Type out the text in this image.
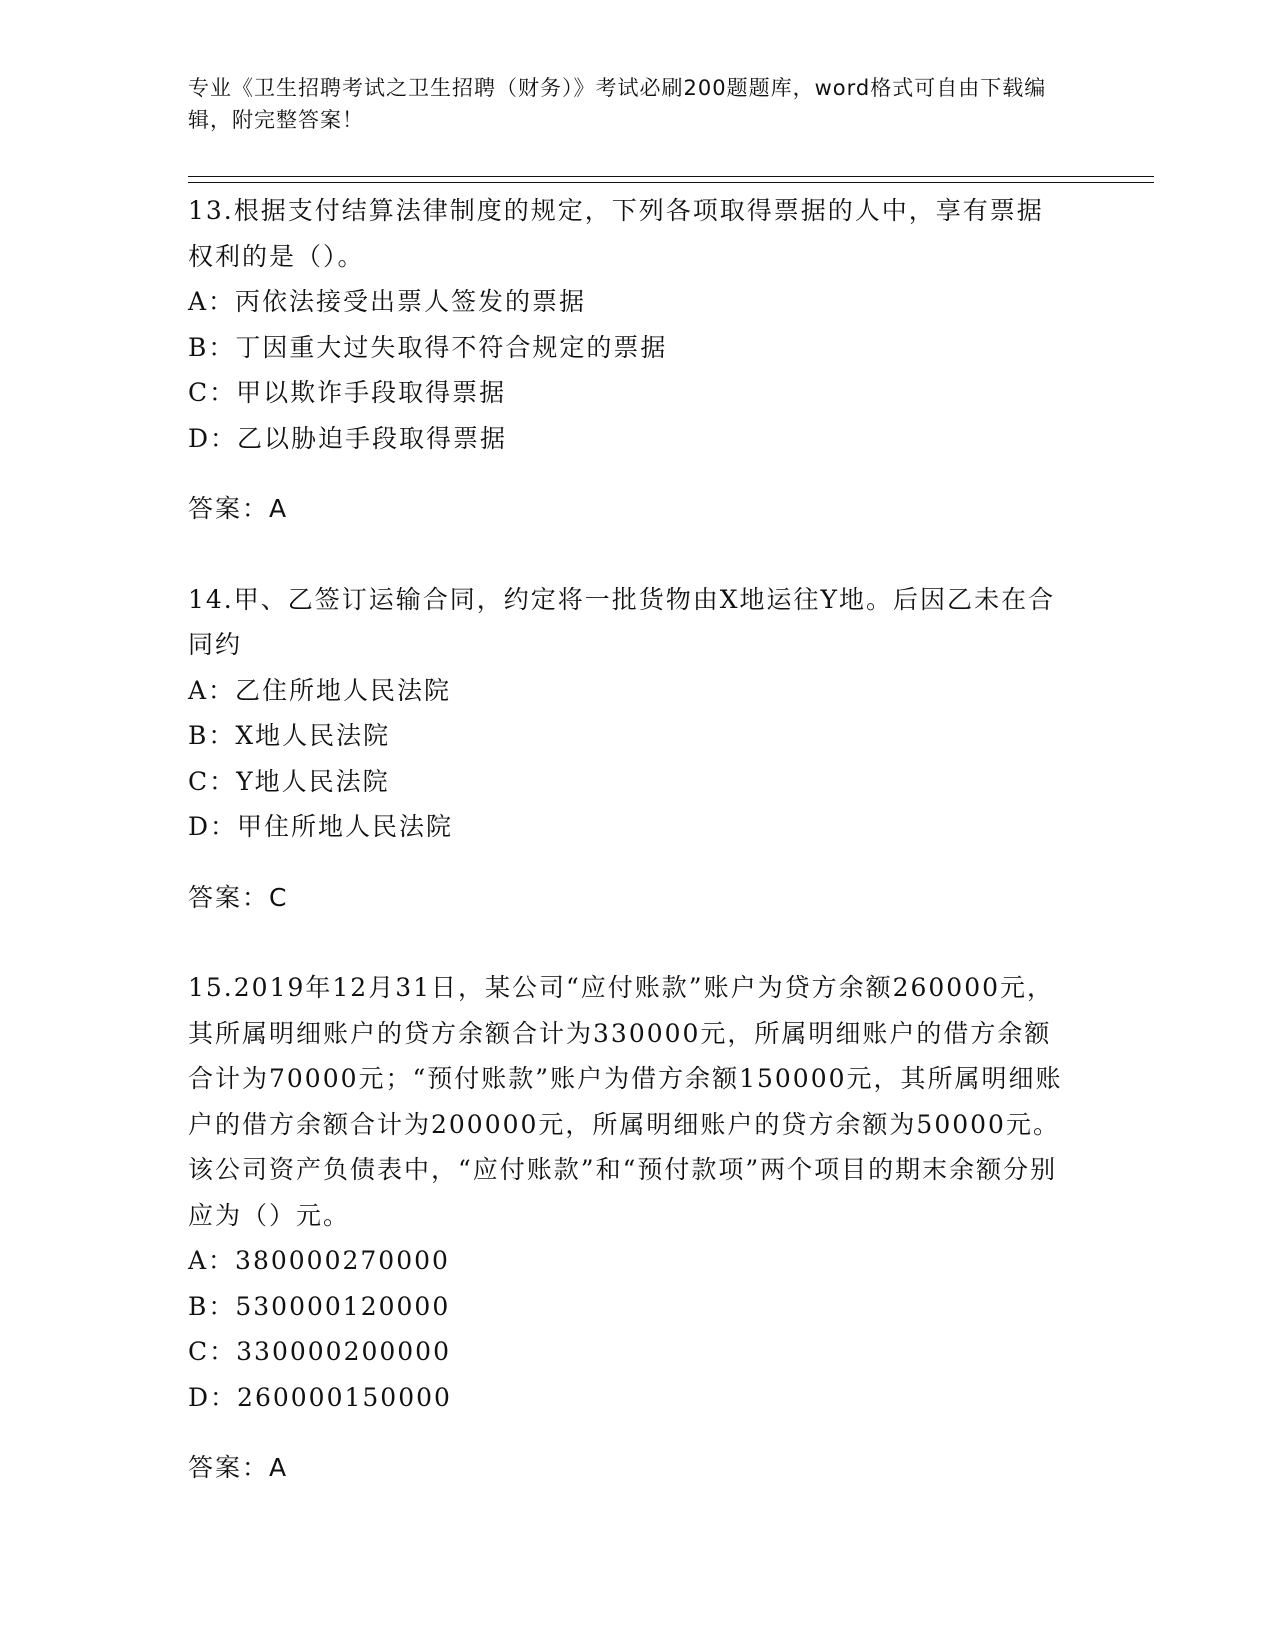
专业《卫生招聘考试之卫生招聘（财务）》考试必刷200题题库，word格式可自由下载编辑，附完整答案！

13.根据支付结算法律制度的规定，下列各项取得票据的人中，享有票据权利的是（）。

A：丙依法接受出票人签发的票据

B：丁因重大过失取得不符合规定的票据

C：甲以欺诈手段取得票据

D：乙以胁迫手段取得票据

答案：A

14.甲、乙签订运输合同，约定将一批货物由X地运往Y地。后因乙未在合同约

A：乙住所地人民法院

B：X地人民法院

C：Y地人民法院

D：甲住所地人民法院

答案：C

15.2019年12月31日，某公司“应付账款”账户为贷方余额260000元，其所属明细账户的贷方余额合计为330000元，所属明细账户的借方余额合计为70000元；“预付账款”账户为借方余额150000元，其所属明细账户的借方余额合计为200000元，所属明细账户的贷方余额为50000元。该公司资产负债表中，“应付账款”和“预付款项”两个项目的期末余额分别应为（）元。

A：380000270000

B：530000120000

C：330000200000

D：260000150000

答案：A
